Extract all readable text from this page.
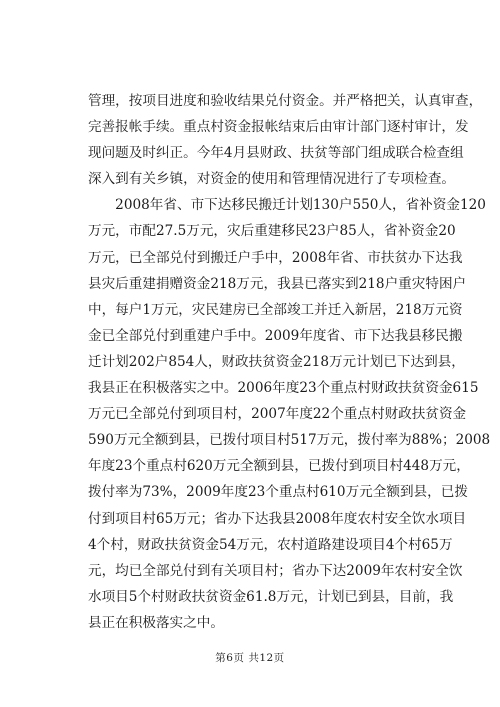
管理，按项目进度和验收结果兑付资金。并严格把关，认真审查，
完善报帐手续。重点村资金报帐结束后由审计部门逐村审计，发
现问题及时纠正。今年4月县财政、扶贫等部门组成联合检查组
深入到有关乡镇，对资金的使用和管理情况进行了专项检查。
　　2008年省、市下达移民搬迁计划130户550人，省补资金120
万元，市配27.5万元，灾后重建移民23户85人，省补资金20
万元，已全部兑付到搬迁户手中，2008年省、市扶贫办下达我
县灾后重建捐赠资金218万元，我县已落实到218户重灾特困户
中，每户1万元，灾民建房已全部竣工并迁入新居，218万元资
金已全部兑付到重建户手中。2009年度省、市下达我县移民搬
迁计划202户854人，财政扶贫资金218万元计划已下达到县，
我县正在积极落实之中。2006年度23个重点村财政扶贫资金615
万元已全部兑付到项目村，2007年度22个重点村财政扶贫资金
590万元全额到县，已拨付项目村517万元，拨付率为88%；2008
年度23个重点村620万元全额到县，已拨付到项目村448万元，
拨付率为73%，2009年度23个重点村610万元全额到县，已拨
付到项目村65万元；省办下达我县2008年度农村安全饮水项目
4个村，财政扶贫资金54万元，农村道路建设项目4个村65万
元，均已全部兑付到有关项目村；省办下达2009年农村安全饮
水项目5个村财政扶贫资金61.8万元，计划已到县，目前，我
县正在积极落实之中。
第6页 共12页
